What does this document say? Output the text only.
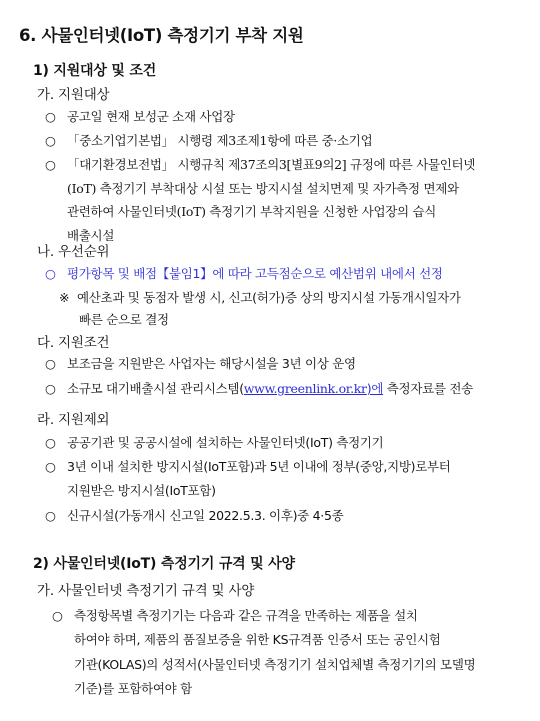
6. 사물인터넷(IoT) 측정기기 부착 지원
1) 지원대상 및 조건
가. 지원대상
○ 공고일 현재 보성군 소재 사업장
○ 「중소기업기본법」 시행령 제3조제1항에 따른 중·소기업
○ 「대기환경보전법」 시행규칙 제37조의3[별표9의2] 규정에 따른 사물인터넷
(IoT) 측정기기 부착대상 시설 또는 방지시설 설치면제 및 자가측정 면제와
관련하여 사물인터넷(IoT) 측정기기 부착지원을 신청한 사업장의 습식
배출시설
나. 우선순위
○ 평가항목 및 배점【붙임1】에 따라 고득점순으로 예산범위 내에서 선정
※ 예산초과 및 동점자 발생 시, 신고(허가)증 상의 방지시설 가동개시일자가
빠른 순으로 결정
다. 지원조건
○ 보조금을 지원받은 사업자는 해당시설을 3년 이상 운영
○ 소규모 대기배출시설 관리시스템(www.greenlink.or.kr)에 측정자료를 전송
라. 지원제외
○ 공공기관 및 공공시설에 설치하는 사물인터넷(IoT) 측정기기
○ 3년 이내 설치한 방지시설(IoT포함)과 5년 이내에 정부(중앙,지방)로부터
지원받은 방지시설(IoT포함)
○ 신규시설(가동개시 신고일 2022.5.3. 이후)중 4·5종
2) 사물인터넷(IoT) 측정기기 규격 및 사양
가. 사물인터넷 측정기기 규격 및 사양
○ 측정항목별 측정기기는 다음과 같은 규격을 만족하는 제품을 설치
하여야 하며, 제품의 품질보증을 위한 KS규격품 인증서 또는 공인시험
기관(KOLAS)의 성적서(사물인터넷 측정기기 설치업체별 측정기기의 모델명
기준)를 포함하여야 함
